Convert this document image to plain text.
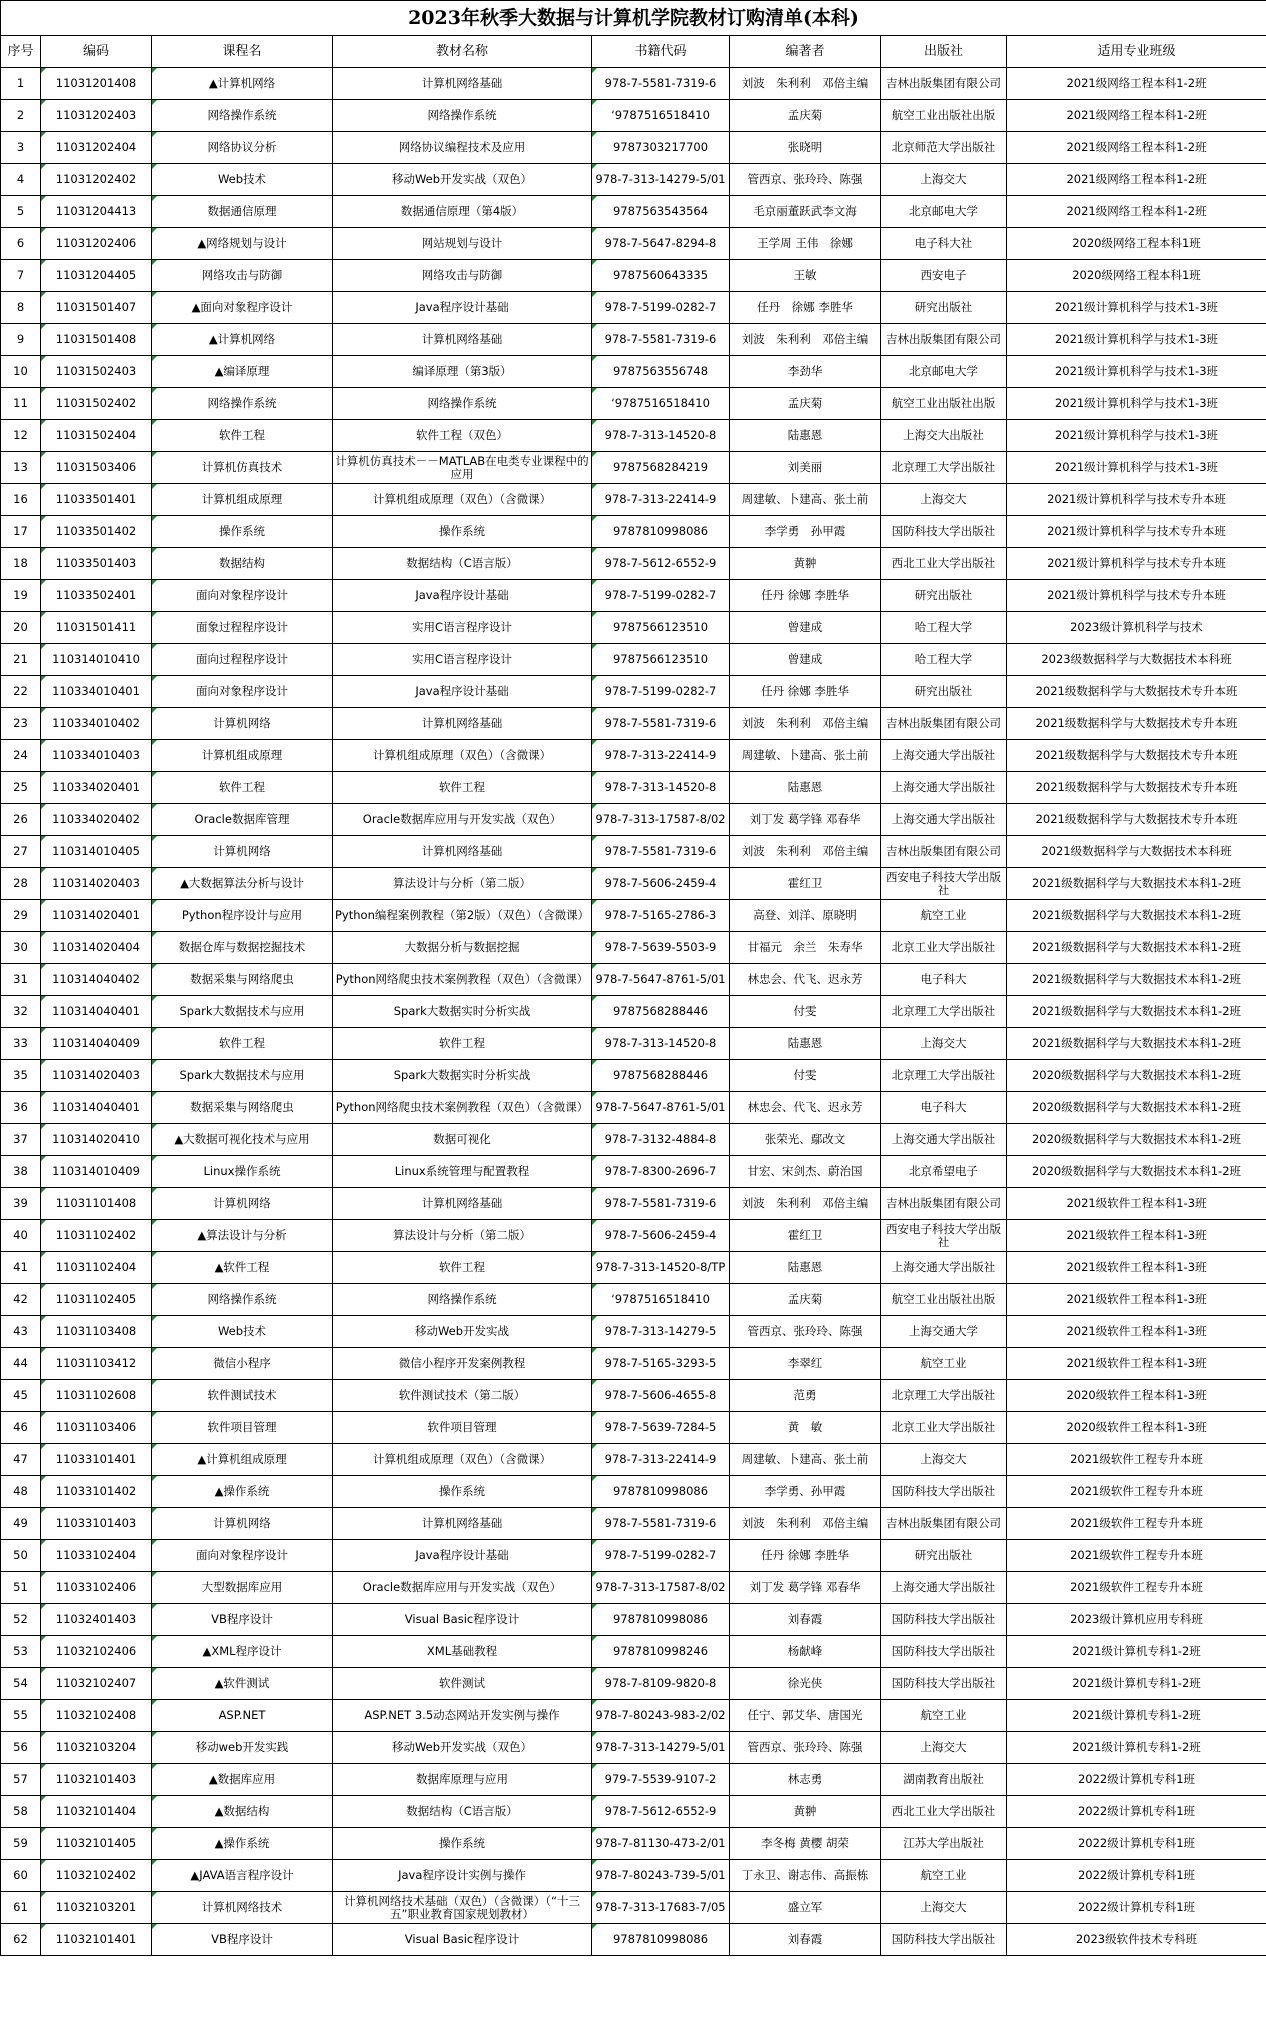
2023年秋季大数据与计算机学院教材订购清单(本科)							
序号	编码	课程名	教材名称	书籍代码	编著者	出版社	适用专业班级
1	11031201408	▲计算机网络	计算机网络基础	978-7-5581-7319-6	刘波　朱利利　邓倍主编	吉林出版集团有限公司	2021级网络工程本科1-2班
2	11031202403	网络操作系统	网络操作系统	‘9787516518410	孟庆菊	航空工业出版社出版	2021级网络工程本科1-2班
3	11031202404	网络协议分析	网络协议编程技术及应用	9787303217700	张晓明	北京师范大学出版社	2021级网络工程本科1-2班
4	11031202402	Web技术	移动Web开发实战（双色）	978-7-313-14279-5/01	管西京、张玲玲、陈强	上海交大	2021级网络工程本科1-2班
5	11031204413	数据通信原理	数据通信原理（第4版）	9787563543564	毛京丽董跃武李文海	北京邮电大学	2021级网络工程本科1-2班
6	11031202406	▲网络规划与设计	网站规划与设计	978-7-5647-8294-8	王学周 王伟　徐娜	电子科大社	2020级网络工程本科1班
7	11031204405	网络攻击与防御	网络攻击与防御	9787560643335	王敏	西安电子	2020级网络工程本科1班
8	11031501407	▲面向对象程序设计	Java程序设计基础	978-7-5199-0282-7	任丹　徐娜 李胜华	研究出版社	2021级计算机科学与技术1-3班
9	11031501408	▲计算机网络	计算机网络基础	978-7-5581-7319-6	刘波　朱利利　邓倍主编	吉林出版集团有限公司	2021级计算机科学与技术1-3班
10	11031502403	▲编译原理	编译原理（第3版）	9787563556748	李劲华	北京邮电大学	2021级计算机科学与技术1-3班
11	11031502402	网络操作系统	网络操作系统	‘9787516518410	孟庆菊	航空工业出版社出版	2021级计算机科学与技术1-3班
12	11031502404	软件工程	软件工程（双色）	978-7-313-14520-8	陆惠恩	上海交大出版社	2021级计算机科学与技术1-3班
13	11031503406	计算机仿真技术	计算机仿真技术－－MATLAB在电类专业课程中的应用	9787568284219	刘美丽	北京理工大学出版社	2021级计算机科学与技术1-3班
16	11033501401	计算机组成原理	计算机组成原理（双色）（含微课）	978-7-313-22414-9	周建敏、卜建高、张土前	上海交大	2021级计算机科学与技术专升本班
17	11033501402	操作系统	操作系统	9787810998086	李学勇　孙甲霞	国防科技大学出版社	2021级计算机科学与技术专升本班
18	11033501403	数据结构	数据结构（C语言版）	978-7-5612-6552-9	黄翀	西北工业大学出版社	2021级计算机科学与技术专升本班
19	11033502401	面向对象程序设计	Java程序设计基础	978-7-5199-0282-7	任丹 徐娜 李胜华	研究出版社	2021级计算机科学与技术专升本班
20	11031501411	面象过程程序设计	实用C语言程序设计	9787566123510	曾建成	哈工程大学	2023级计算机科学与技术
21	110314010410	面向过程程序设计	实用C语言程序设计	9787566123510	曾建成	哈工程大学	2023级数据科学与大数据技术本科班
22	110334010401	面向对象程序设计	Java程序设计基础	978-7-5199-0282-7	任丹 徐娜 李胜华	研究出版社	2021级数据科学与大数据技术专升本班
23	110334010402	计算机网络	计算机网络基础	978-7-5581-7319-6	刘波　朱利利　邓倍主编	吉林出版集团有限公司	2021级数据科学与大数据技术专升本班
24	110334010403	计算机组成原理	计算机组成原理（双色）（含微课）	978-7-313-22414-9	周建敏、卜建高、张土前	上海交通大学出版社	2021级数据科学与大数据技术专升本班
25	110334020401	软件工程	软件工程	978-7-313-14520-8	陆惠恩	上海交通大学出版社	2021级数据科学与大数据技术专升本班
26	110334020402	Oracle数据库管理	Oracle数据库应用与开发实战（双色）	978-7-313-17587-8/02	刘丁发 葛学锋 邓春华	上海交通大学出版社	2021级数据科学与大数据技术专升本班
27	110314010405	计算机网络	计算机网络基础	978-7-5581-7319-6	刘波　朱利利　邓倍主编	吉林出版集团有限公司	2021级数据科学与大数据技术本科班
28	110314020403	▲大数据算法分析与设计	算法设计与分析（第二版）	978-7-5606-2459-4	霍红卫	西安电子科技大学出版社	2021级数据科学与大数据技术本科1-2班
29	110314020401	Python程序设计与应用	Python编程案例教程（第2版）（双色）（含微课）	978-7-5165-2786-3	高登、刘洋、原晓明	航空工业	2021级数据科学与大数据技术本科1-2班
30	110314020404	数据仓库与数据挖掘技术	大数据分析与数据挖掘	978-7-5639-5503-9	甘福元　余兰　朱寿华	北京工业大学出版社	2021级数据科学与大数据技术本科1-2班
31	110314040402	数据采集与网络爬虫	Python网络爬虫技术案例教程（双色）（含微课）	978-7-5647-8761-5/01	林忠会、代飞、迟永芳	电子科大	2021级数据科学与大数据技术本科1-2班
32	110314040401	Spark大数据技术与应用	Spark大数据实时分析实战	9787568288446	付雯	北京理工大学出版社	2021级数据科学与大数据技术本科1-2班
33	110314040409	软件工程	软件工程	978-7-313-14520-8	陆惠恩	上海交大	2021级数据科学与大数据技术本科1-2班
35	110314020403	Spark大数据技术与应用	Spark大数据实时分析实战	9787568288446	付雯	北京理工大学出版社	2020级数据科学与大数据技术本科1-2班
36	110314040401	数据采集与网络爬虫	Python网络爬虫技术案例教程（双色）（含微课）	978-7-5647-8761-5/01	林忠会、代飞、迟永芳	电子科大	2020级数据科学与大数据技术本科1-2班
37	110314020410	▲大数据可视化技术与应用	数据可视化	978-7-3132-4884-8	张荣光、鄢改文	上海交通大学出版社	2020级数据科学与大数据技术本科1-2班
38	110314010409	Linux操作系统	Linux系统管理与配置教程	978-7-8300-2696-7	甘宏、宋剑杰、蔚治国	北京希望电子	2020级数据科学与大数据技术本科1-2班
39	11031101408	计算机网络	计算机网络基础	978-7-5581-7319-6	刘波　朱利利　邓倍主编	吉林出版集团有限公司	2021级软件工程本科1-3班
40	11031102402	▲算法设计与分析	算法设计与分析（第二版）	978-7-5606-2459-4	霍红卫	西安电子科技大学出版社	2021级软件工程本科1-3班
41	11031102404	▲软件工程	软件工程	978-7-313-14520-8/TP	陆惠恩	上海交通大学出版社	2021级软件工程本科1-3班
42	11031102405	网络操作系统	网络操作系统	‘9787516518410	孟庆菊	航空工业出版社出版	2021级软件工程本科1-3班
43	11031103408	Web技术	移动Web开发实战	978-7-313-14279-5	管西京、张玲玲、陈强	上海交通大学	2021级软件工程本科1-3班
44	11031103412	微信小程序	微信小程序开发案例教程	978-7-5165-3293-5	李翠红	航空工业	2021级软件工程本科1-3班
45	11031102608	软件测试技术	软件测试技术（第二版）	978-7-5606-4655-8	范勇	北京理工大学出版社	2020级软件工程本科1-3班
46	11031103406	软件项目管理	软件项目管理	978-7-5639-7284-5	黄　敏	北京工业大学出版社	2020级软件工程本科1-3班
47	11033101401	▲计算机组成原理	计算机组成原理（双色）（含微课）	978-7-313-22414-9	周建敏、卜建高、张土前	上海交大	2021级软件工程专升本班
48	11033101402	▲操作系统	操作系统	9787810998086	李学勇、孙甲霞	国防科技大学出版社	2021级软件工程专升本班
49	11033101403	计算机网络	计算机网络基础	978-7-5581-7319-6	刘波　朱利利　邓倍主编	吉林出版集团有限公司	2021级软件工程专升本班
50	11033102404	面向对象程序设计	Java程序设计基础	978-7-5199-0282-7	任丹 徐娜 李胜华	研究出版社	2021级软件工程专升本班
51	11033102406	大型数据库应用	Oracle数据库应用与开发实战（双色）	978-7-313-17587-8/02	刘丁发 葛学锋 邓春华	上海交通大学出版社	2021级软件工程专升本班
52	11032401403	VB程序设计	Visual Basic程序设计	9787810998086	刘春霞	国防科技大学出版社	2023级计算机应用专科班
53	11032102406	▲XML程序设计	XML基础教程	9787810998246	杨献峰	国防科技大学出版社	2021级计算机专科1-2班
54	11032102407	▲软件测试	软件测试	978-7-8109-9820-8	徐光侠	国防科技大学出版社	2021级计算机专科1-2班
55	11032102408	ASP.NET	ASP.NET 3.5动态网站开发实例与操作	978-7-80243-983-2/02	任宁、郭艾华、唐国光	航空工业	2021级计算机专科1-2班
56	11032103204	移动web开发实践	移动Web开发实战（双色）	978-7-313-14279-5/01	管西京、张玲玲、陈强	上海交大	2021级计算机专科1-2班
57	11032101403	▲数据库应用	数据库原理与应用	979-7-5539-9107-2	林志勇	湖南教育出版社	2022级计算机专科1班
58	11032101404	▲数据结构	数据结构（C语言版）	978-7-5612-6552-9	黄翀	西北工业大学出版社	2022级计算机专科1班
59	11032101405	▲操作系统	操作系统	978-7-81130-473-2/01	李冬梅 黄樱 胡荣	江苏大学出版社	2022级计算机专科1班
60	11032102402	▲JAVA语言程序设计	Java程序设计实例与操作	978-7-80243-739-5/01	丁永卫、谢志伟、高振栋	航空工业	2022级计算机专科1班
61	11032103201	计算机网络技术	计算机网络技术基础（双色）（含微课）（“十三五”职业教育国家规划教材）	978-7-313-17683-7/05	盛立军	上海交大	2022级计算机专科1班
62	11032101401	VB程序设计	Visual Basic程序设计	9787810998086	刘春霞	国防科技大学出版社	2023级软件技术专科班
